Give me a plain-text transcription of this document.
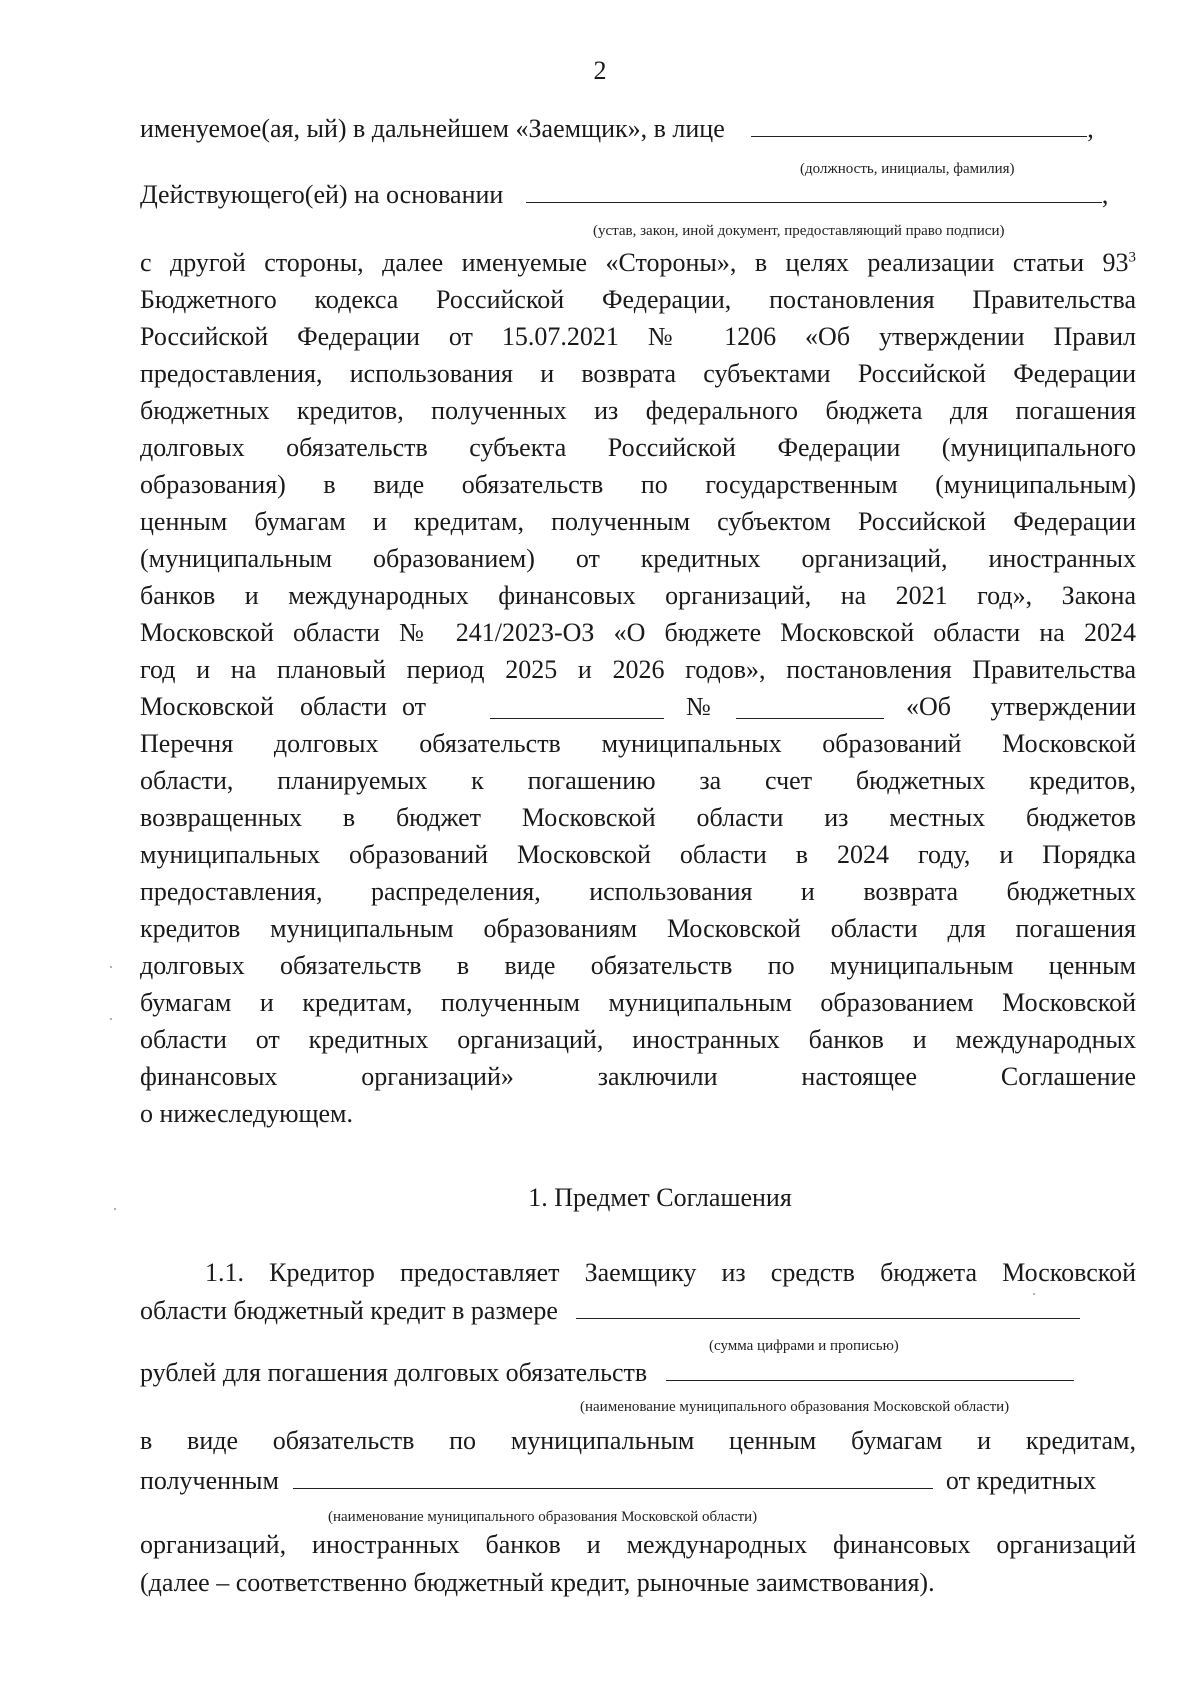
2
именуемое(ая, ый) в дальнейшем «Заемщик», в лице	,
(должность, инициалы, фамилия)
Действующего(ей) на основании	,
(устав, закон, иной документ, предоставляющий право подписи)
с другой стороны, далее именуемые «Стороны», в целях реализации статьи $93^3$
Бюджетного кодекса Российской Федерации, постановления Правительства
Российской Федерации от 15.07.2021 № 1206 «Об утверждении Правил
предоставления, использования и возврата субъектами Российской Федерации
бюджетных кредитов, полученных из федерального бюджета для погашения
долговых обязательств субъекта Российской Федерации (муниципального
образования) в виде обязательств по государственным (муниципальным)
ценным бумагам и кредитам, полученным субъектом Российской Федерации
(муниципальным образованием) от кредитных организаций, иностранных
банков и международных финансовых организаций, на 2021 год», Закона
Московской области № 241/2023-ОЗ «О бюджете Московской области на 2024
год и на плановый период 2025 и 2026 годов», постановления Правительства
Московской области от	№	«Об утверждении
Перечня долговых обязательств муниципальных образований Московской
области, планируемых к погашению за счет бюджетных кредитов,
возвращенных в бюджет Московской области из местных бюджетов
муниципальных образований Московской области в 2024 году, и Порядка
предоставления, распределения, использования и возврата бюджетных
кредитов муниципальным образованиям Московской области для погашения
долговых обязательств в виде обязательств по муниципальным ценным
бумагам и кредитам, полученным муниципальным образованием Московской
области от кредитных организаций, иностранных банков и международных
финансовых организаций» заключили настоящее Соглашение
о нижеследующем.
1. Предмет Соглашения
1.1. Кредитор предоставляет Заемщику из средств бюджета Московской
области бюджетный кредит в размере
(сумма цифрами и прописью)
рублей для погашения долговых обязательств
(наименование муниципального образования Московской области)
в виде обязательств по муниципальным ценным бумагам и кредитам,
полученным	от кредитных
(наименование муниципального образования Московской области)
организаций, иностранных банков и международных финансовых организаций
(далее – соответственно бюджетный кредит, рыночные заимствования).
